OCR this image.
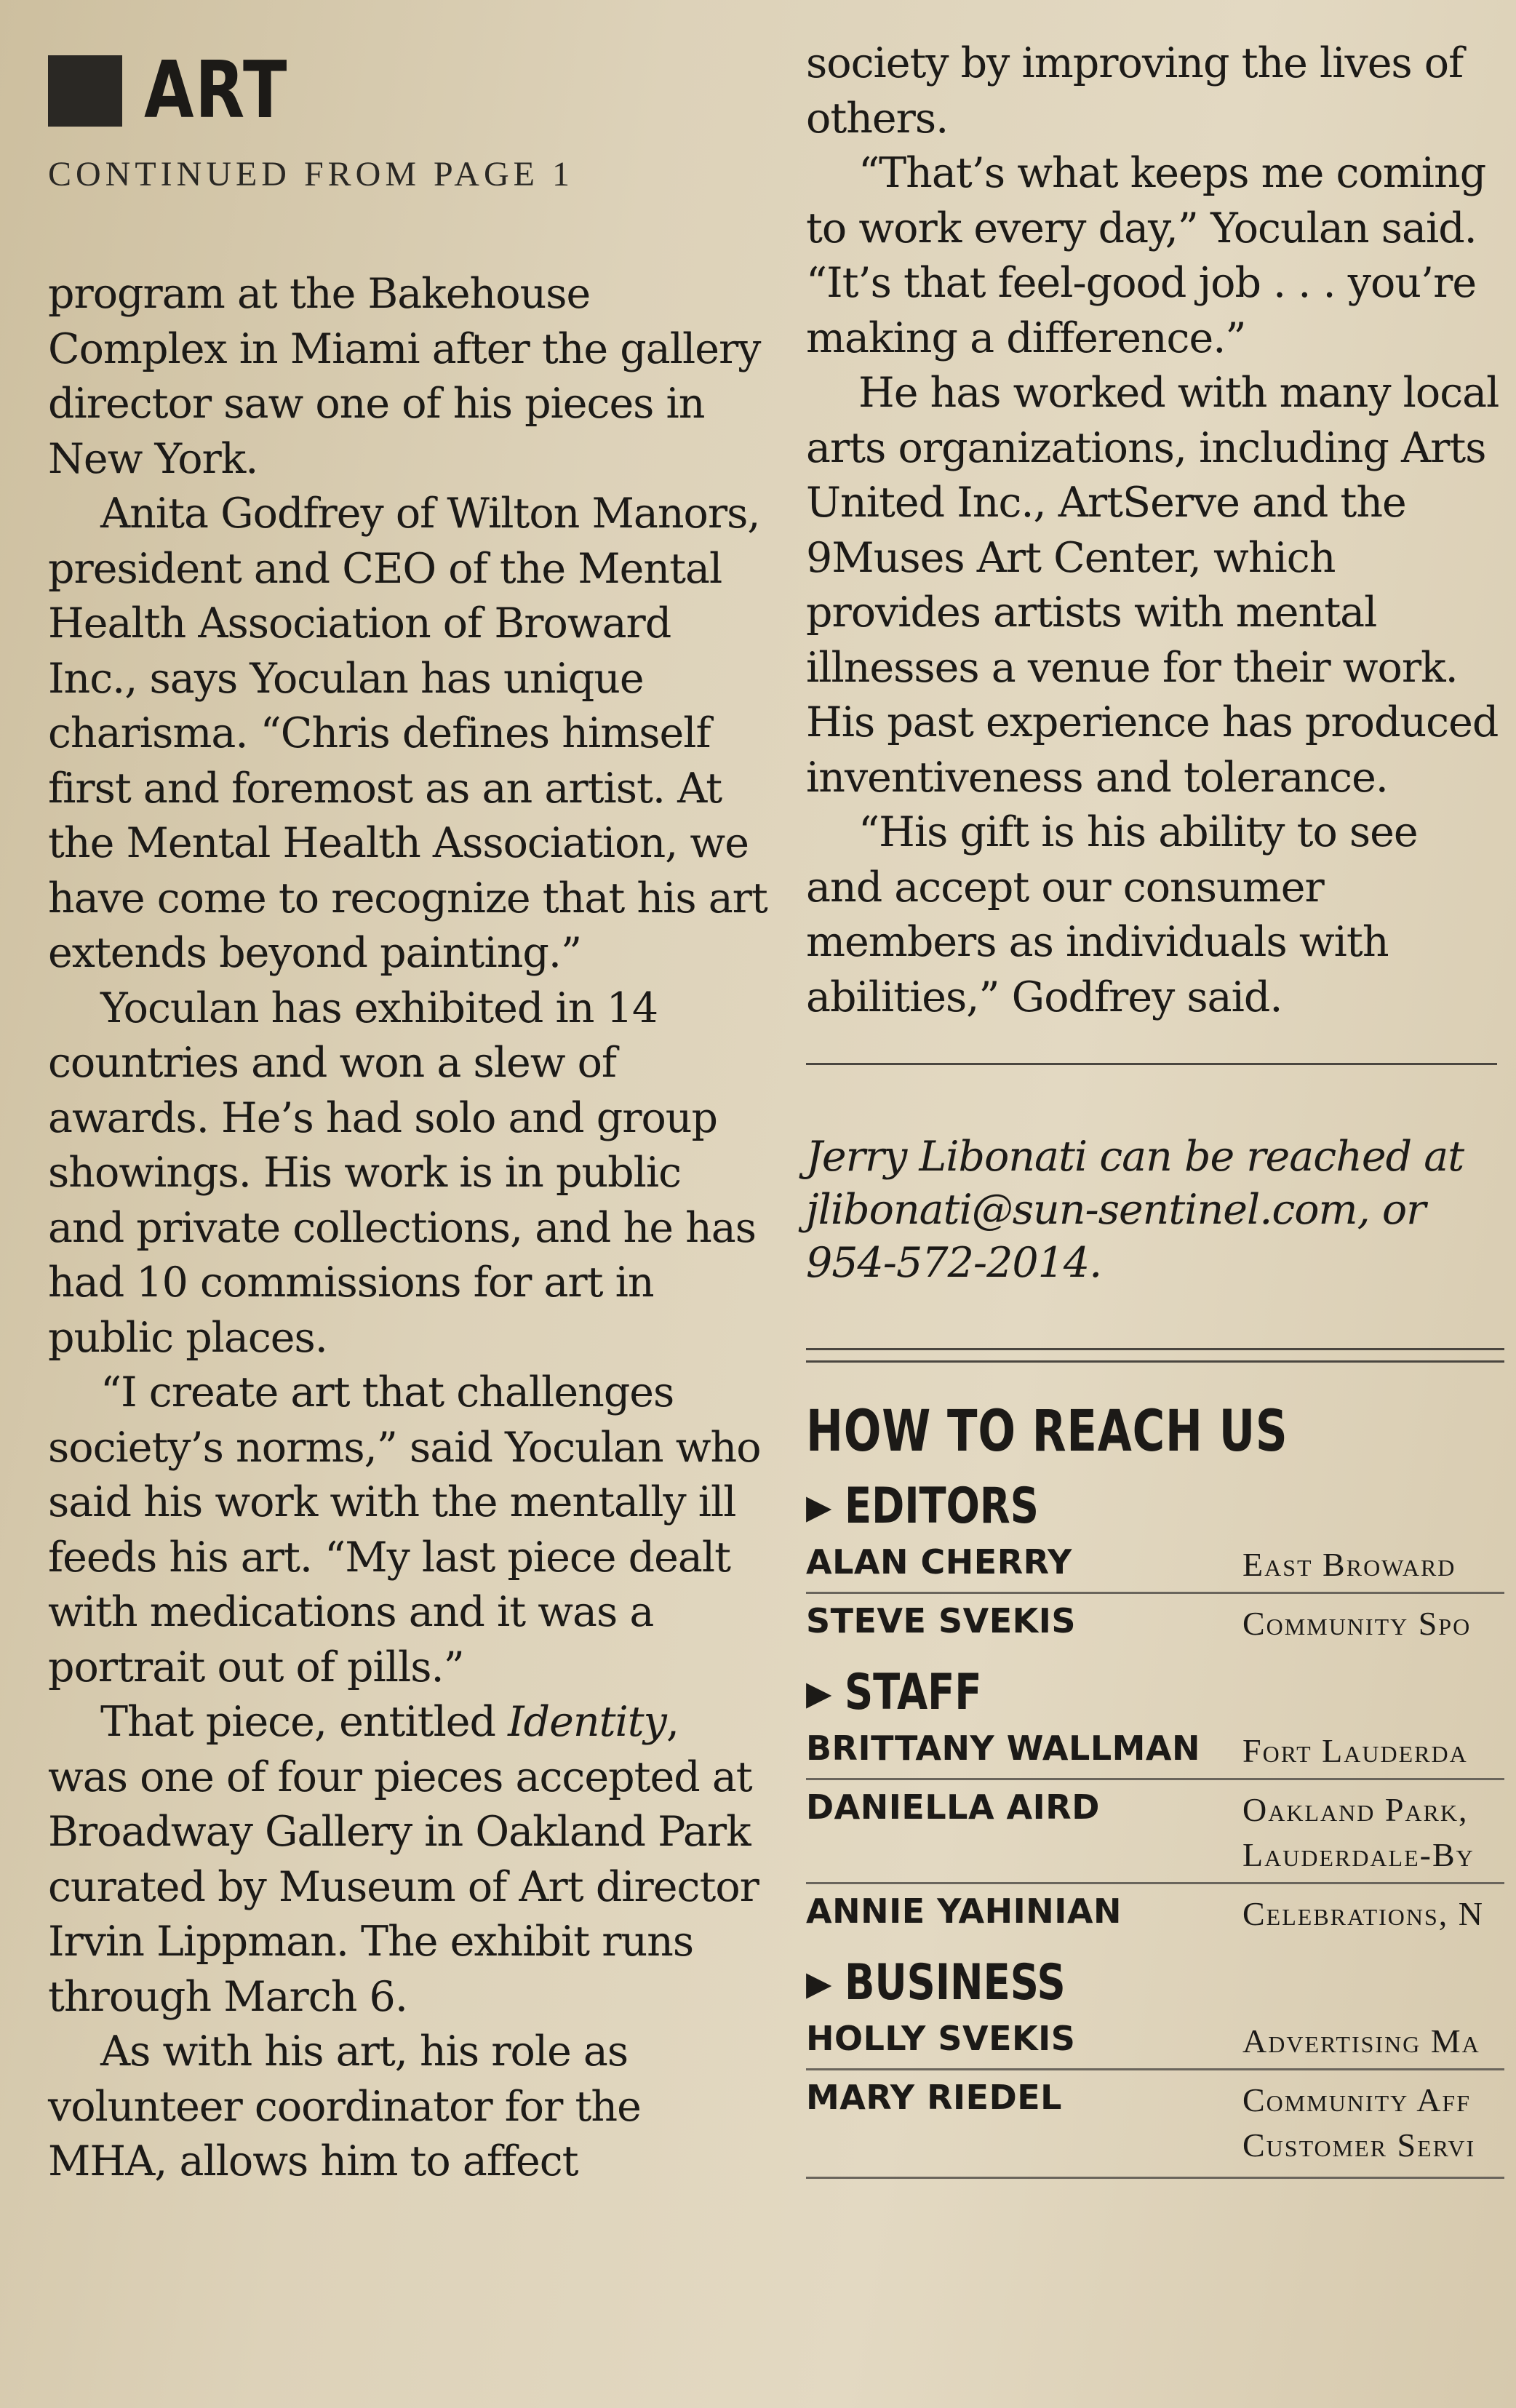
ART
CONTINUED FROM PAGE 1

program at the Bakehouse Complex in Miami after the gallery director saw one of his pieces in New York.

Anita Godfrey of Wilton Manors, president and CEO of the Mental Health Association of Broward Inc., says Yoculan has unique charisma. “Chris defines himself first and foremost as an artist. At the Mental Health Association, we have come to recognize that his art extends beyond painting.”

Yoculan has exhibited in 14 countries and won a slew of awards. He’s had solo and group showings. His work is in public and private collections, and he has had 10 commissions for art in public places.

“I create art that challenges society’s norms,” said Yoculan who said his work with the mentally ill feeds his art. “My last piece dealt with medications and it was a portrait out of pills.”

That piece, entitled Identity, was one of four pieces accepted at Broadway Gallery in Oakland Park curated by Museum of Art director Irvin Lippman. The exhibit runs through March 6.

As with his art, his role as volunteer coordinator for the MHA, allows him to affect

society by improving the lives of others.

“That’s what keeps me coming to work every day,” Yoculan said. “It’s that feel-good job . . . you’re making a difference.”

He has worked with many local arts organizations, including Arts United Inc., ArtServe and the 9Muses Art Center, which provides artists with mental illnesses a venue for their work. His past experience has produced inventiveness and tolerance.

“His gift is his ability to see and accept our consumer members as individuals with abilities,” Godfrey said.

Jerry Libonati can be reached at jlibonati@sun-sentinel.com, or 954-572-2014.
HOW TO REACH US
▶ EDITORS
ALAN CHERRY	East Broward
STEVE SVEKIS	Community Spo
▶ STAFF
BRITTANY WALLMAN	Fort Lauderda
DANIELLA AIRD	Oakland Park,
Lauderdale-By
ANNIE YAHINIAN	Celebrations, N
▶ BUSINESS
HOLLY SVEKIS	Advertising Ma
MARY RIEDEL	Community Aff
Customer Servi
